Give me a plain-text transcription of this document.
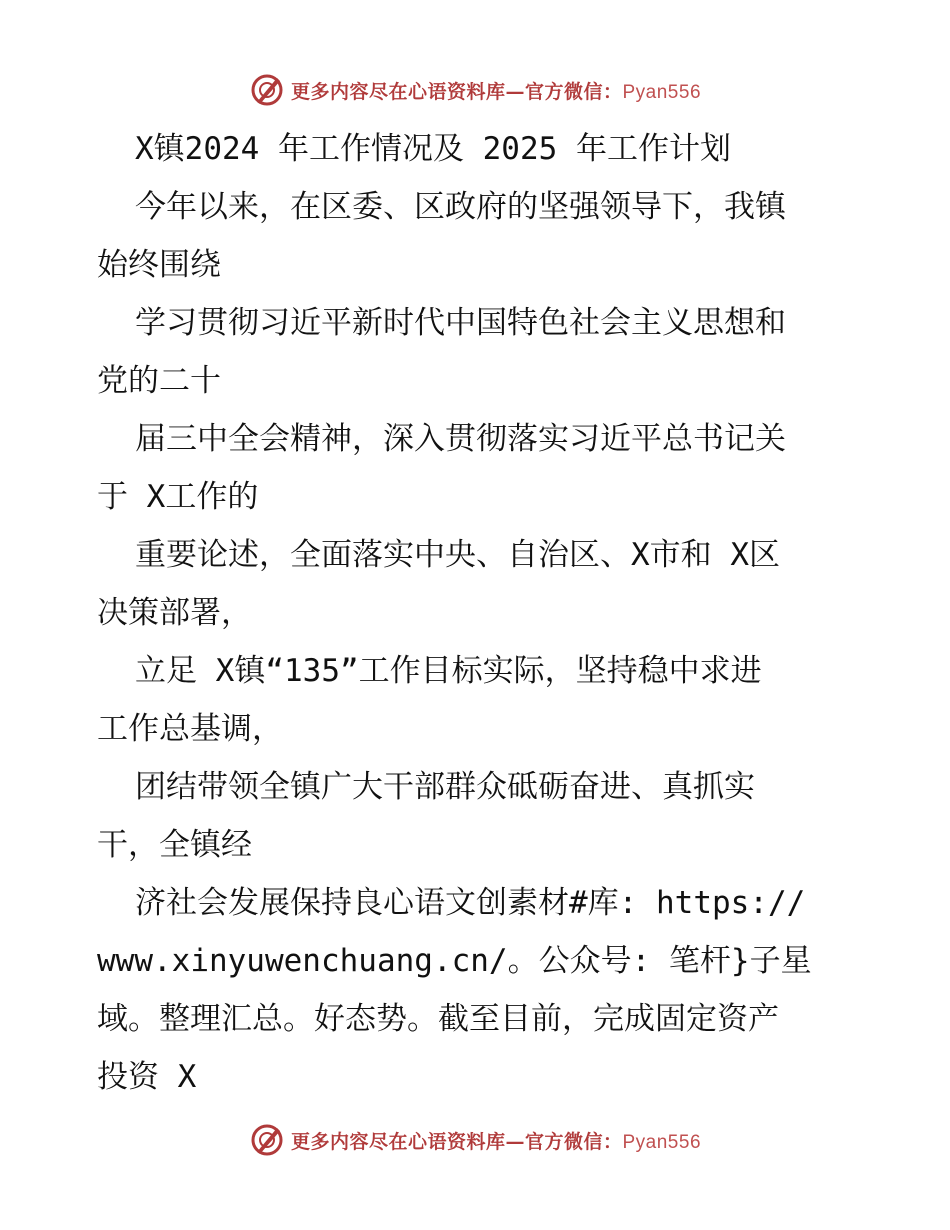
更多内容尽在心语资料库—官方微信：Pyan556
X镇2024 年工作情况及 2025 年工作计划
今年以来，在区委、区政府的坚强领导下，我镇
始终围绕
学习贯彻习近平新时代中国特色社会主义思想和
党的二十
届三中全会精神，深入贯彻落实习近平总书记关
于 X工作的
重要论述，全面落实中央、自治区、X市和 X区
决策部署，
立足 X镇“135”工作目标实际，坚持稳中求进
工作总基调，
团结带领全镇广大干部群众砥砺奋进、真抓实
干，全镇经
济社会发展保持良心语文创素材#库: https://
www.xinyuwenchuang.cn/。公众号: 笔杆}子星
域。整理汇总。好态势。截至目前，完成固定资产
投资 X
更多内容尽在心语资料库—官方微信：Pyan556
